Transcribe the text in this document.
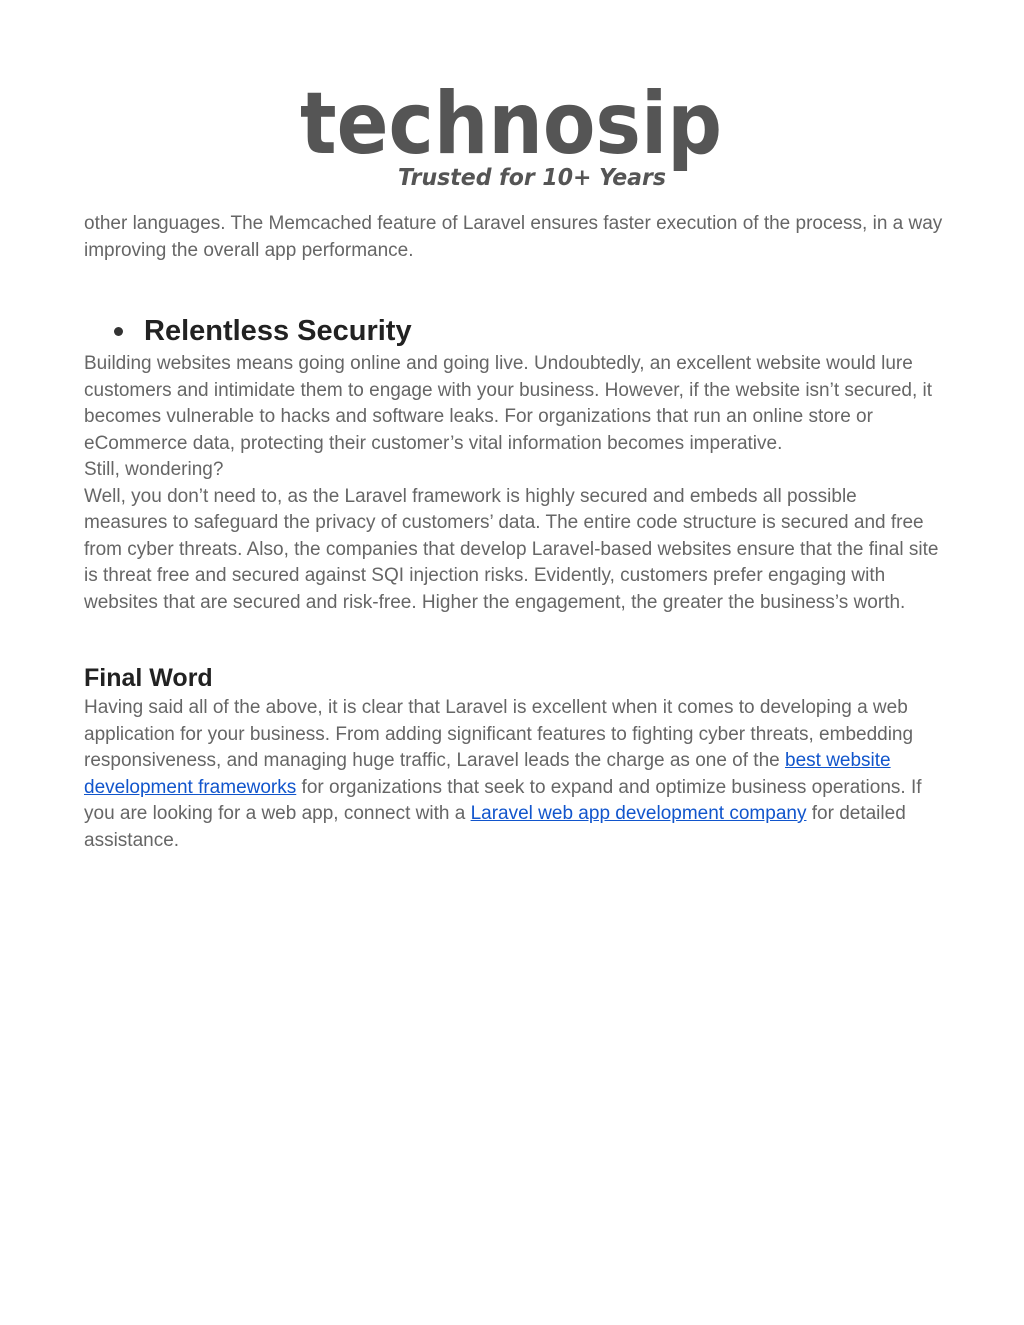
technosip
Trusted for 10+ Years

other languages. The Memcached feature of Laravel ensures faster execution of the process, in a way improving the overall app performance.

Relentless Security

Building websites means going online and going live. Undoubtedly, an excellent website would lure customers and intimidate them to engage with your business. However, if the website isn’t secured, it becomes vulnerable to hacks and software leaks. For organizations that run an online store or eCommerce data, protecting their customer’s vital information becomes imperative.

Still, wondering?

Well, you don’t need to, as the Laravel framework is highly secured and embeds all possible measures to safeguard the privacy of customers’ data. The entire code structure is secured and free from cyber threats. Also, the companies that develop Laravel-based websites ensure that the final site is threat free and secured against SQI injection risks. Evidently, customers prefer engaging with websites that are secured and risk-free. Higher the engagement, the greater the business’s worth.

Final Word

Having said all of the above, it is clear that Laravel is excellent when it comes to developing a web application for your business. From adding significant features to fighting cyber threats, embedding responsiveness, and managing huge traffic, Laravel leads the charge as one of the best website development frameworks for organizations that seek to expand and optimize business operations. If you are looking for a web app, connect with a Laravel web app development company for detailed assistance.
